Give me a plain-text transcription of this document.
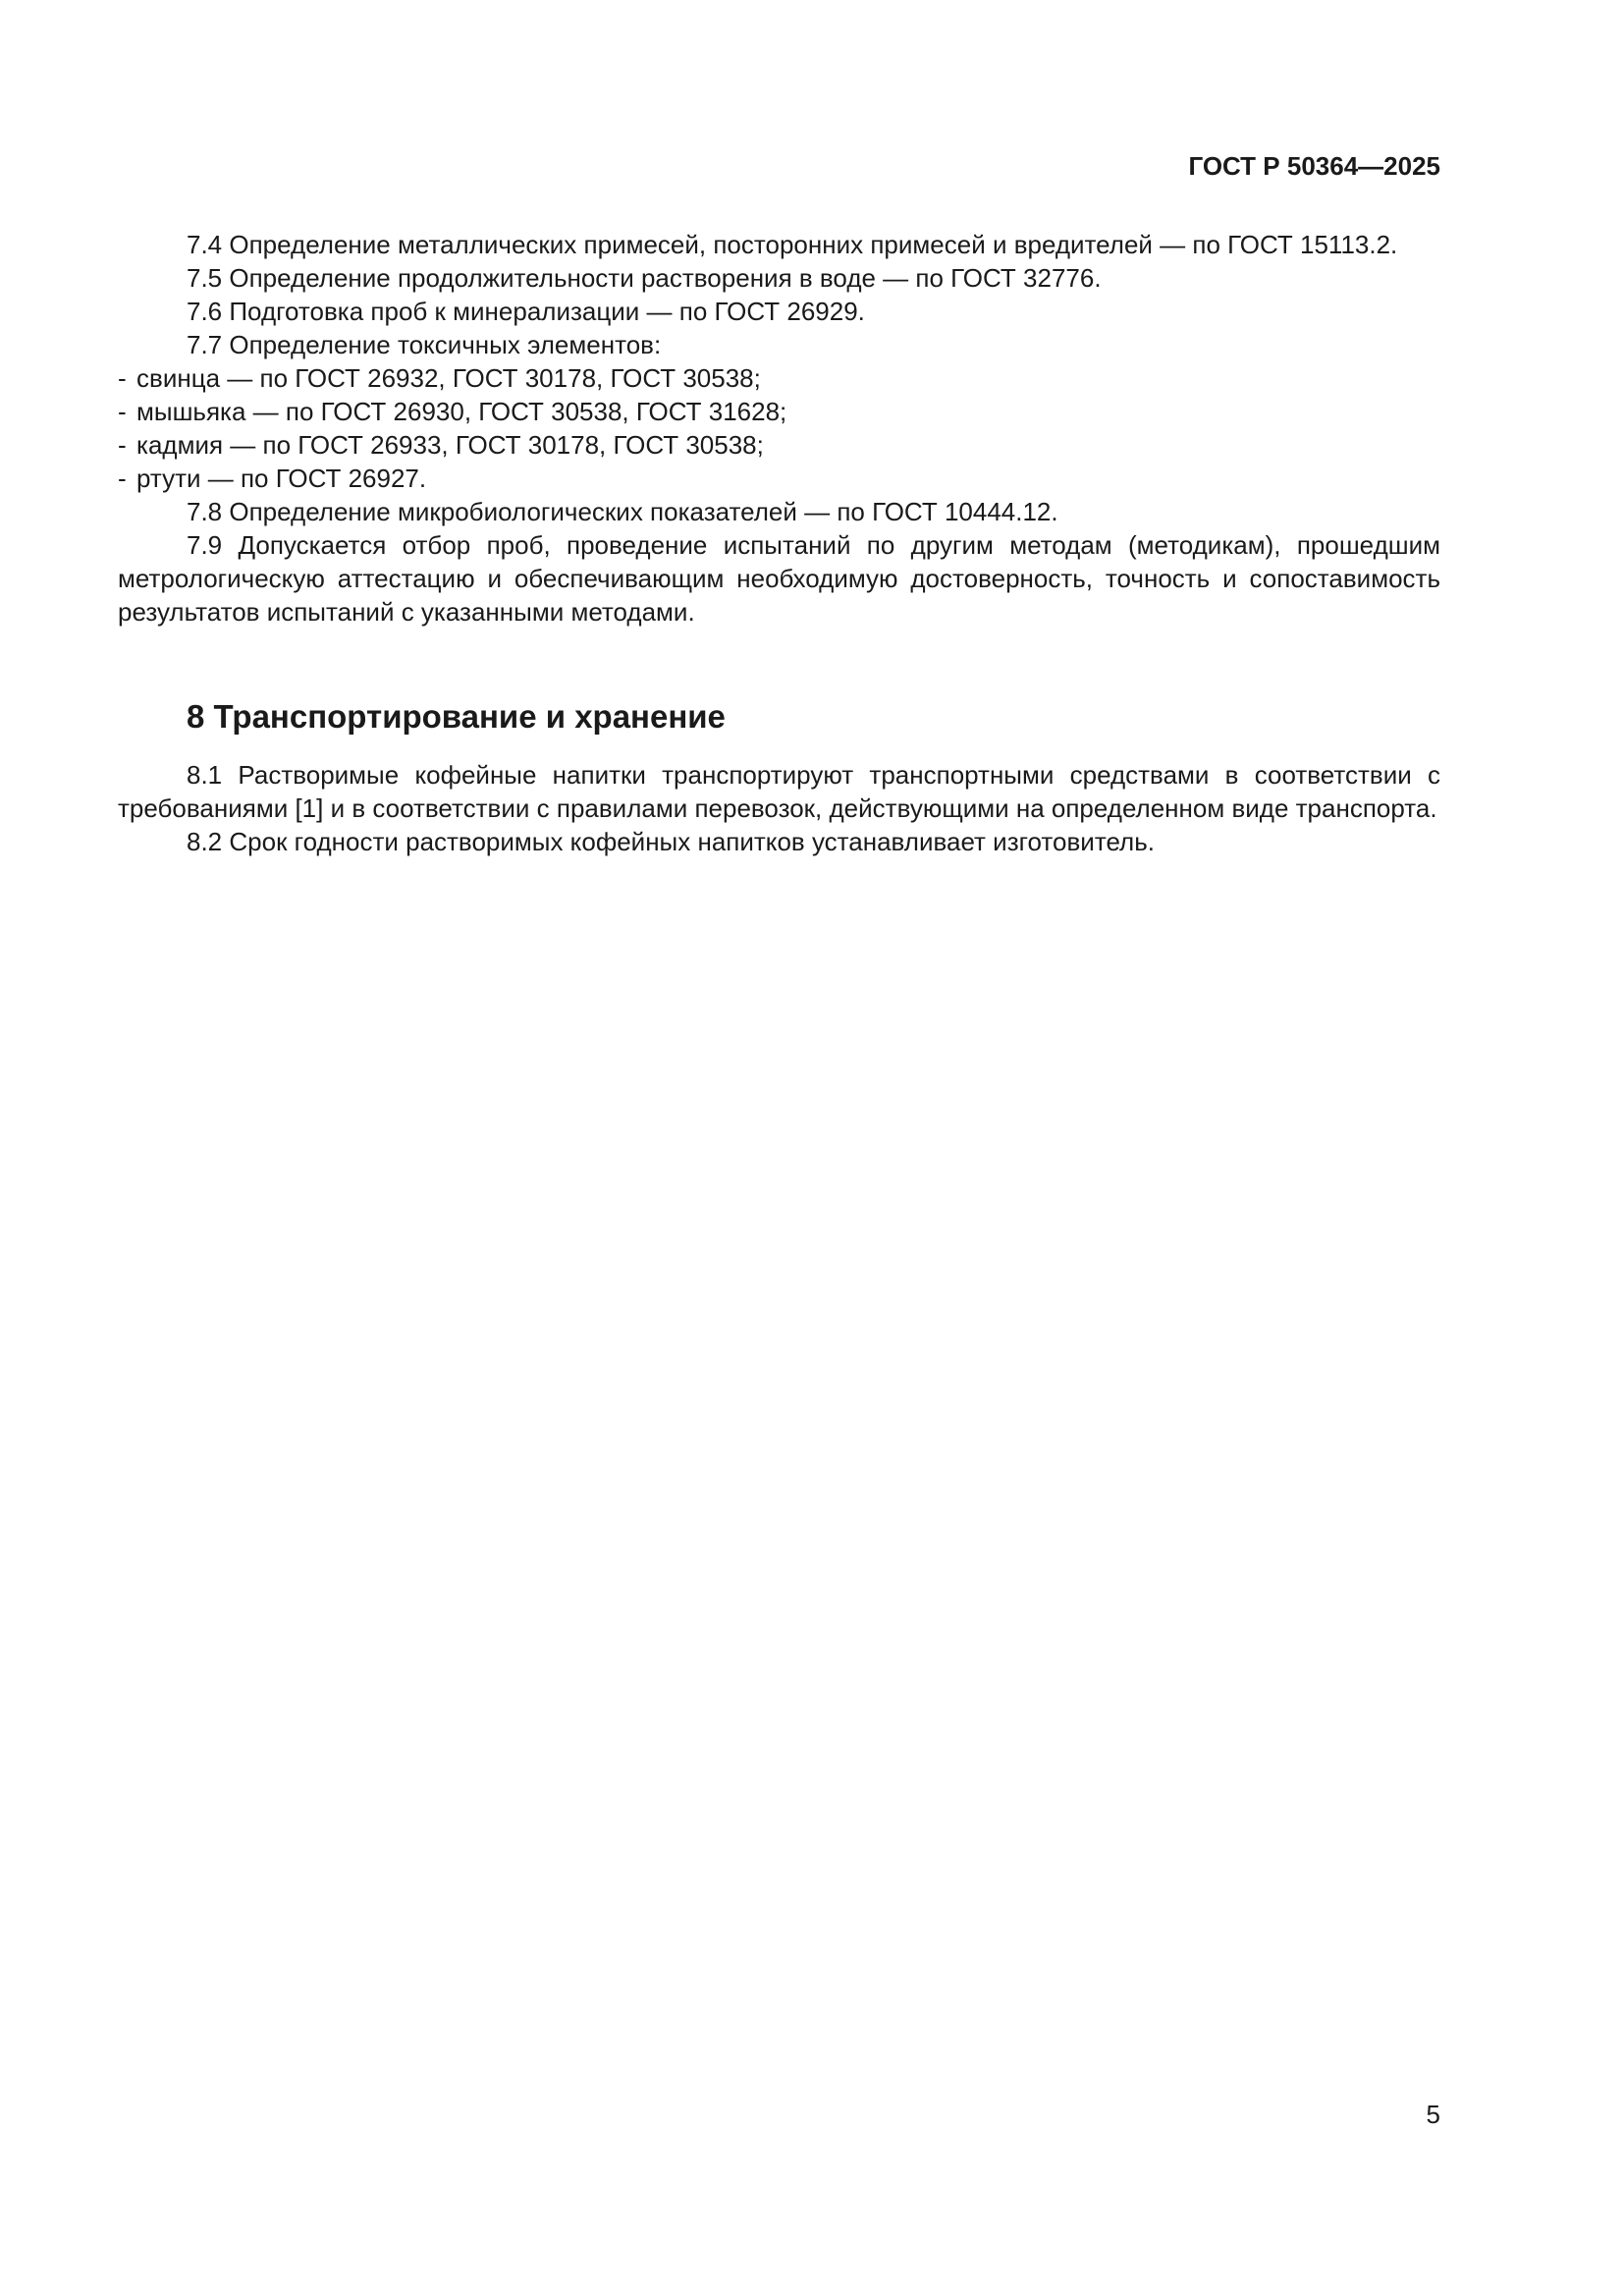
ГОСТ Р 50364—2025

7.4 Определение металлических примесей, посторонних примесей и вредителей — по ГОСТ 15113.2.

7.5 Определение продолжительности растворения в воде — по ГОСТ 32776.

7.6 Подготовка проб к минерализации — по ГОСТ 26929.

7.7 Определение токсичных элементов:

- свинца — по ГОСТ 26932, ГОСТ 30178, ГОСТ 30538;

- мышьяка — по ГОСТ 26930, ГОСТ 30538, ГОСТ 31628;

- кадмия — по ГОСТ 26933, ГОСТ 30178, ГОСТ 30538;

- ртути — по ГОСТ 26927.

7.8 Определение микробиологических показателей — по ГОСТ 10444.12.

7.9 Допускается отбор проб, проведение испытаний по другим методам (методикам), прошедшим метрологическую аттестацию и обеспечивающим необходимую достоверность, точность и сопоставимость результатов испытаний с указанными методами.

8 Транспортирование и хранение

8.1 Растворимые кофейные напитки транспортируют транспортными средствами в соответствии с требованиями [1] и в соответствии с правилами перевозок, действующими на определенном виде транспорта.

8.2 Срок годности растворимых кофейных напитков устанавливает изготовитель.

5
